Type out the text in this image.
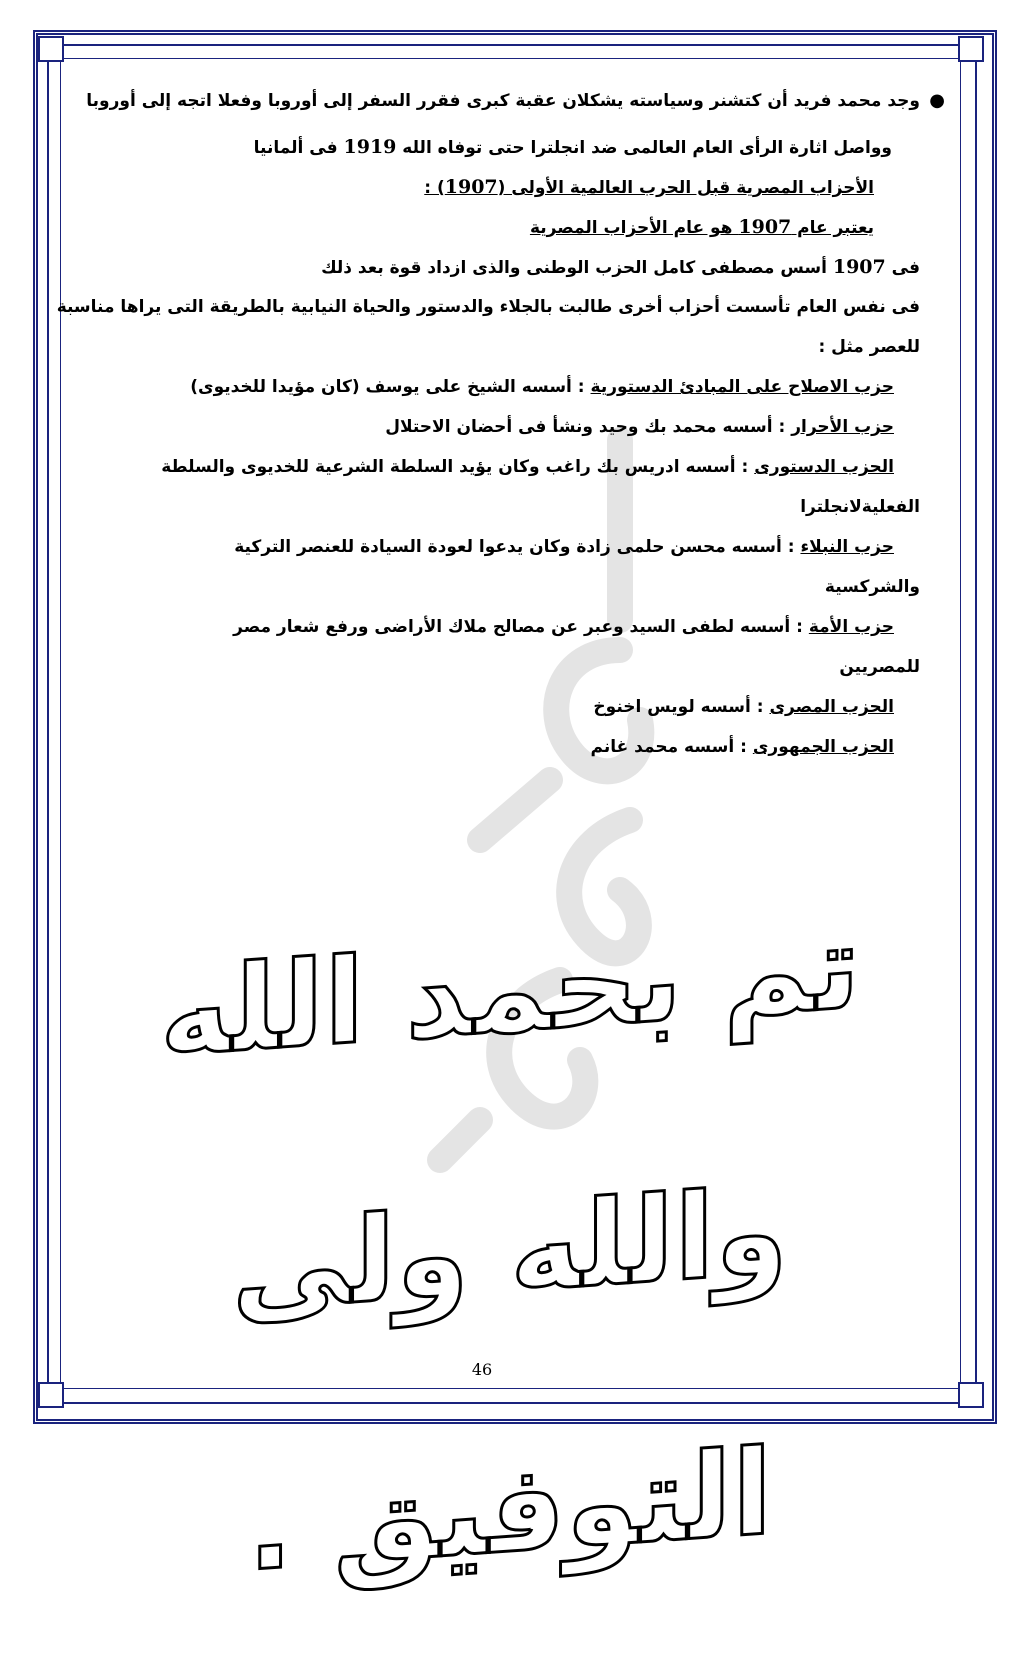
●
وجد محمد فريد أن كتشنر وسياسته يشكلان عقبة كبرى فقرر السفر إلى أوروبا وفعلا اتجه إلى أوروبا
وواصل اثارة الرأى العام العالمى ضد انجلترا حتى توفاه الله 1919 فى ألمانيا
الأحزاب المصرية قبل الحرب العالمية الأولى (1907) :
يعتبر عام 1907 هو عام الأحزاب المصرية
فى 1907 أسس مصطفى كامل الحزب الوطنى والذى ازداد قوة بعد ذلك
فى نفس العام تأسست أحزاب أخرى طالبت بالجلاء والدستور والحياة النيابية بالطريقة التى يراها مناسبة
للعصر مثل :
حزب الاصلاح على المبادئ الدستورية : أسسه الشيخ على يوسف (كان مؤيدا للخديوى)
حزب الأحرار : أسسه محمد بك وحيد ونشأ فى أحضان الاحتلال
الحزب الدستورى : أسسه ادريس بك راغب وكان يؤيد السلطة الشرعية للخديوى والسلطة
الفعليةلانجلترا
حزب النبلاء : أسسه محسن حلمى زادة وكان يدعوا لعودة السيادة للعنصر التركية
والشركسية
حزب الأمة : أسسه لطفى السيد وعبر عن مصالح ملاك الأراضى ورفع شعار مصر
للمصريين
الحزب المصرى : أسسه لويس اخنوخ
الحزب الجمهورى : أسسه محمد غانم
تم بحمد الله والله ولى التوفيق .
46
